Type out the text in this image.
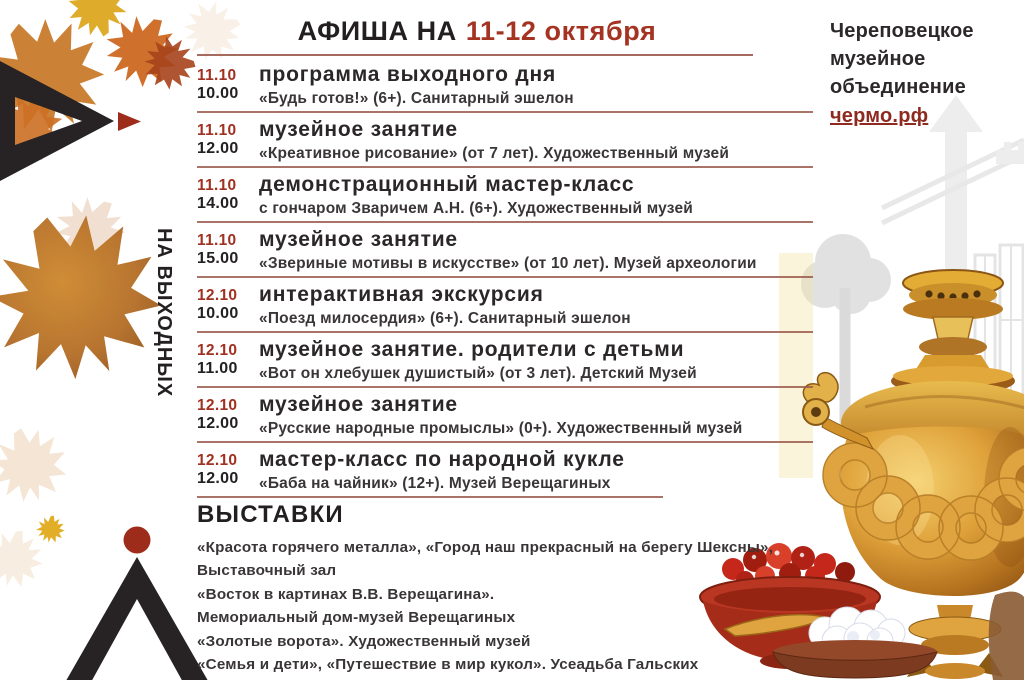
НА ВЫХОДНЫХ
АФИША НА 11-12 октября
11.10
10.00
программа выходного дня
«Будь готов!» (6+). Санитарный эшелон
11.10
12.00
музейное занятие
«Креативное рисование» (от 7 лет). Художественный музей
11.10
14.00
демонстрационный мастер-класс
с гончаром Зваричем А.Н. (6+). Художественный музей
11.10
15.00
музейное занятие
«Звериные мотивы в искусстве» (от 10 лет). Музей археологии
12.10
10.00
интерактивная экскурсия
«Поезд милосердия» (6+). Санитарный эшелон
12.10
11.00
музейное занятие. родители с детьми
«Вот он хлебушек душистый» (от 3 лет). Детский Музей
12.10
12.00
музейное занятие
«Русские народные промыслы» (0+). Художественный музей
12.10
12.00
мастер-класс по народной кукле
«Баба на чайник» (12+). Музей Верещагиных
ВЫСТАВКИ
«Красота горячего металла», «Город наш прекрасный на берегу Шексны»,
Выставочный зал
«Восток в картинах В.В. Верещагина».
Мемориальный дом-музей Верещагиных
«Золотые ворота». Художественный музей
«Семья и дети», «Путешествие в мир кукол». Усеадьба Гальских
Череповецкое
музейное
объединение
чермо.рф
